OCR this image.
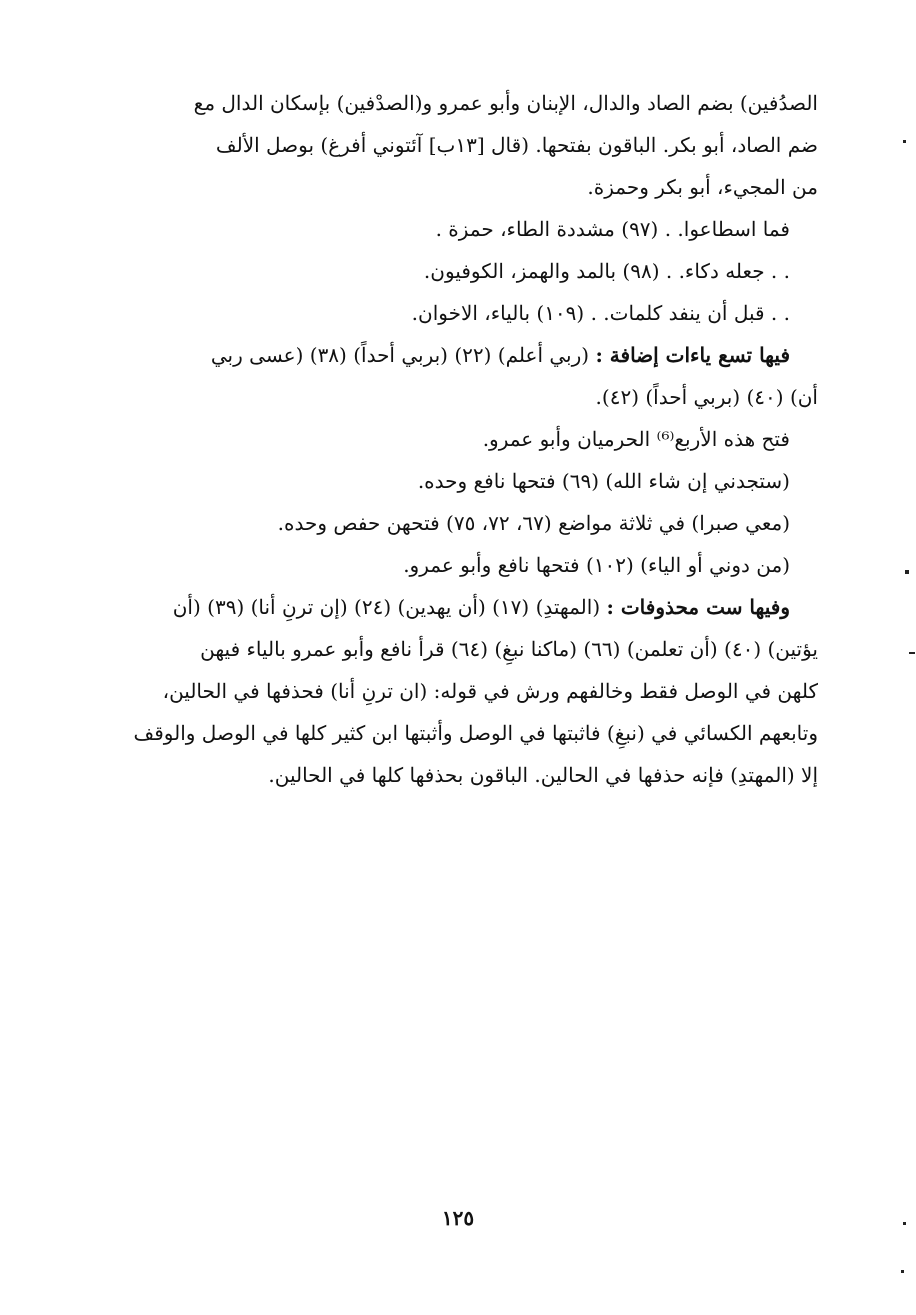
الصدُفين) بضم الصاد والدال، الإبنان وأبو عمرو و(الصدْفين) بإسكان الدال مع
ضم الصاد، أبو بكر. الباقون بفتحها. (قال [١٣ب] آئتوني أفرغ) بوصل الألف
من المجيء، أبو بكر وحمزة.
فما اسطاعوا. . (٩٧) مشددة الطاء، حمزة .
. . جعله دكاء. . (٩٨) بالمد والهمز، الكوفيون.
. . قبل أن ينفد كلمات. . (١٠٩) بالياء، الاخوان.
فيها تسع ياءات إضافة : (ربي أعلم) (٢٢) (بربي أحداً) (٣٨) (عسى ربي
أن) (٤٠) (بربي أحداً) (٤٢).
فتح هذه الأربع⁽⁶⁾ الحرميان وأبو عمرو.
(ستجدني إن شاء الله) (٦٩) فتحها نافع وحده.
(معي صبرا) في ثلاثة مواضع (٦٧، ٧٢، ٧٥) فتحهن حفص وحده.
(من دوني أو الياء) (١٠٢) فتحها نافع وأبو عمرو.
وفيها ست محذوفات : (المهتدِ) (١٧) (أن يهدين) (٢٤) (إن ترنِ أنا) (٣٩) (أن
يؤتين) (٤٠) (أن تعلمن) (٦٦) (ماكنا نبغِ) (٦٤) قرأ نافع وأبو عمرو بالياء فيهن
كلهن في الوصل فقط وخالفهم ورش في قوله: (ان ترنِ أنا) فحذفها في الحالين،
وتابعهم الكسائي في (نبغِ) فاثبتها في الوصل وأثبتها ابن كثير كلها في الوصل والوقف
إلا (المهتدِ) فإنه حذفها في الحالين. الباقون بحذفها كلها في الحالين.
١٢٥
